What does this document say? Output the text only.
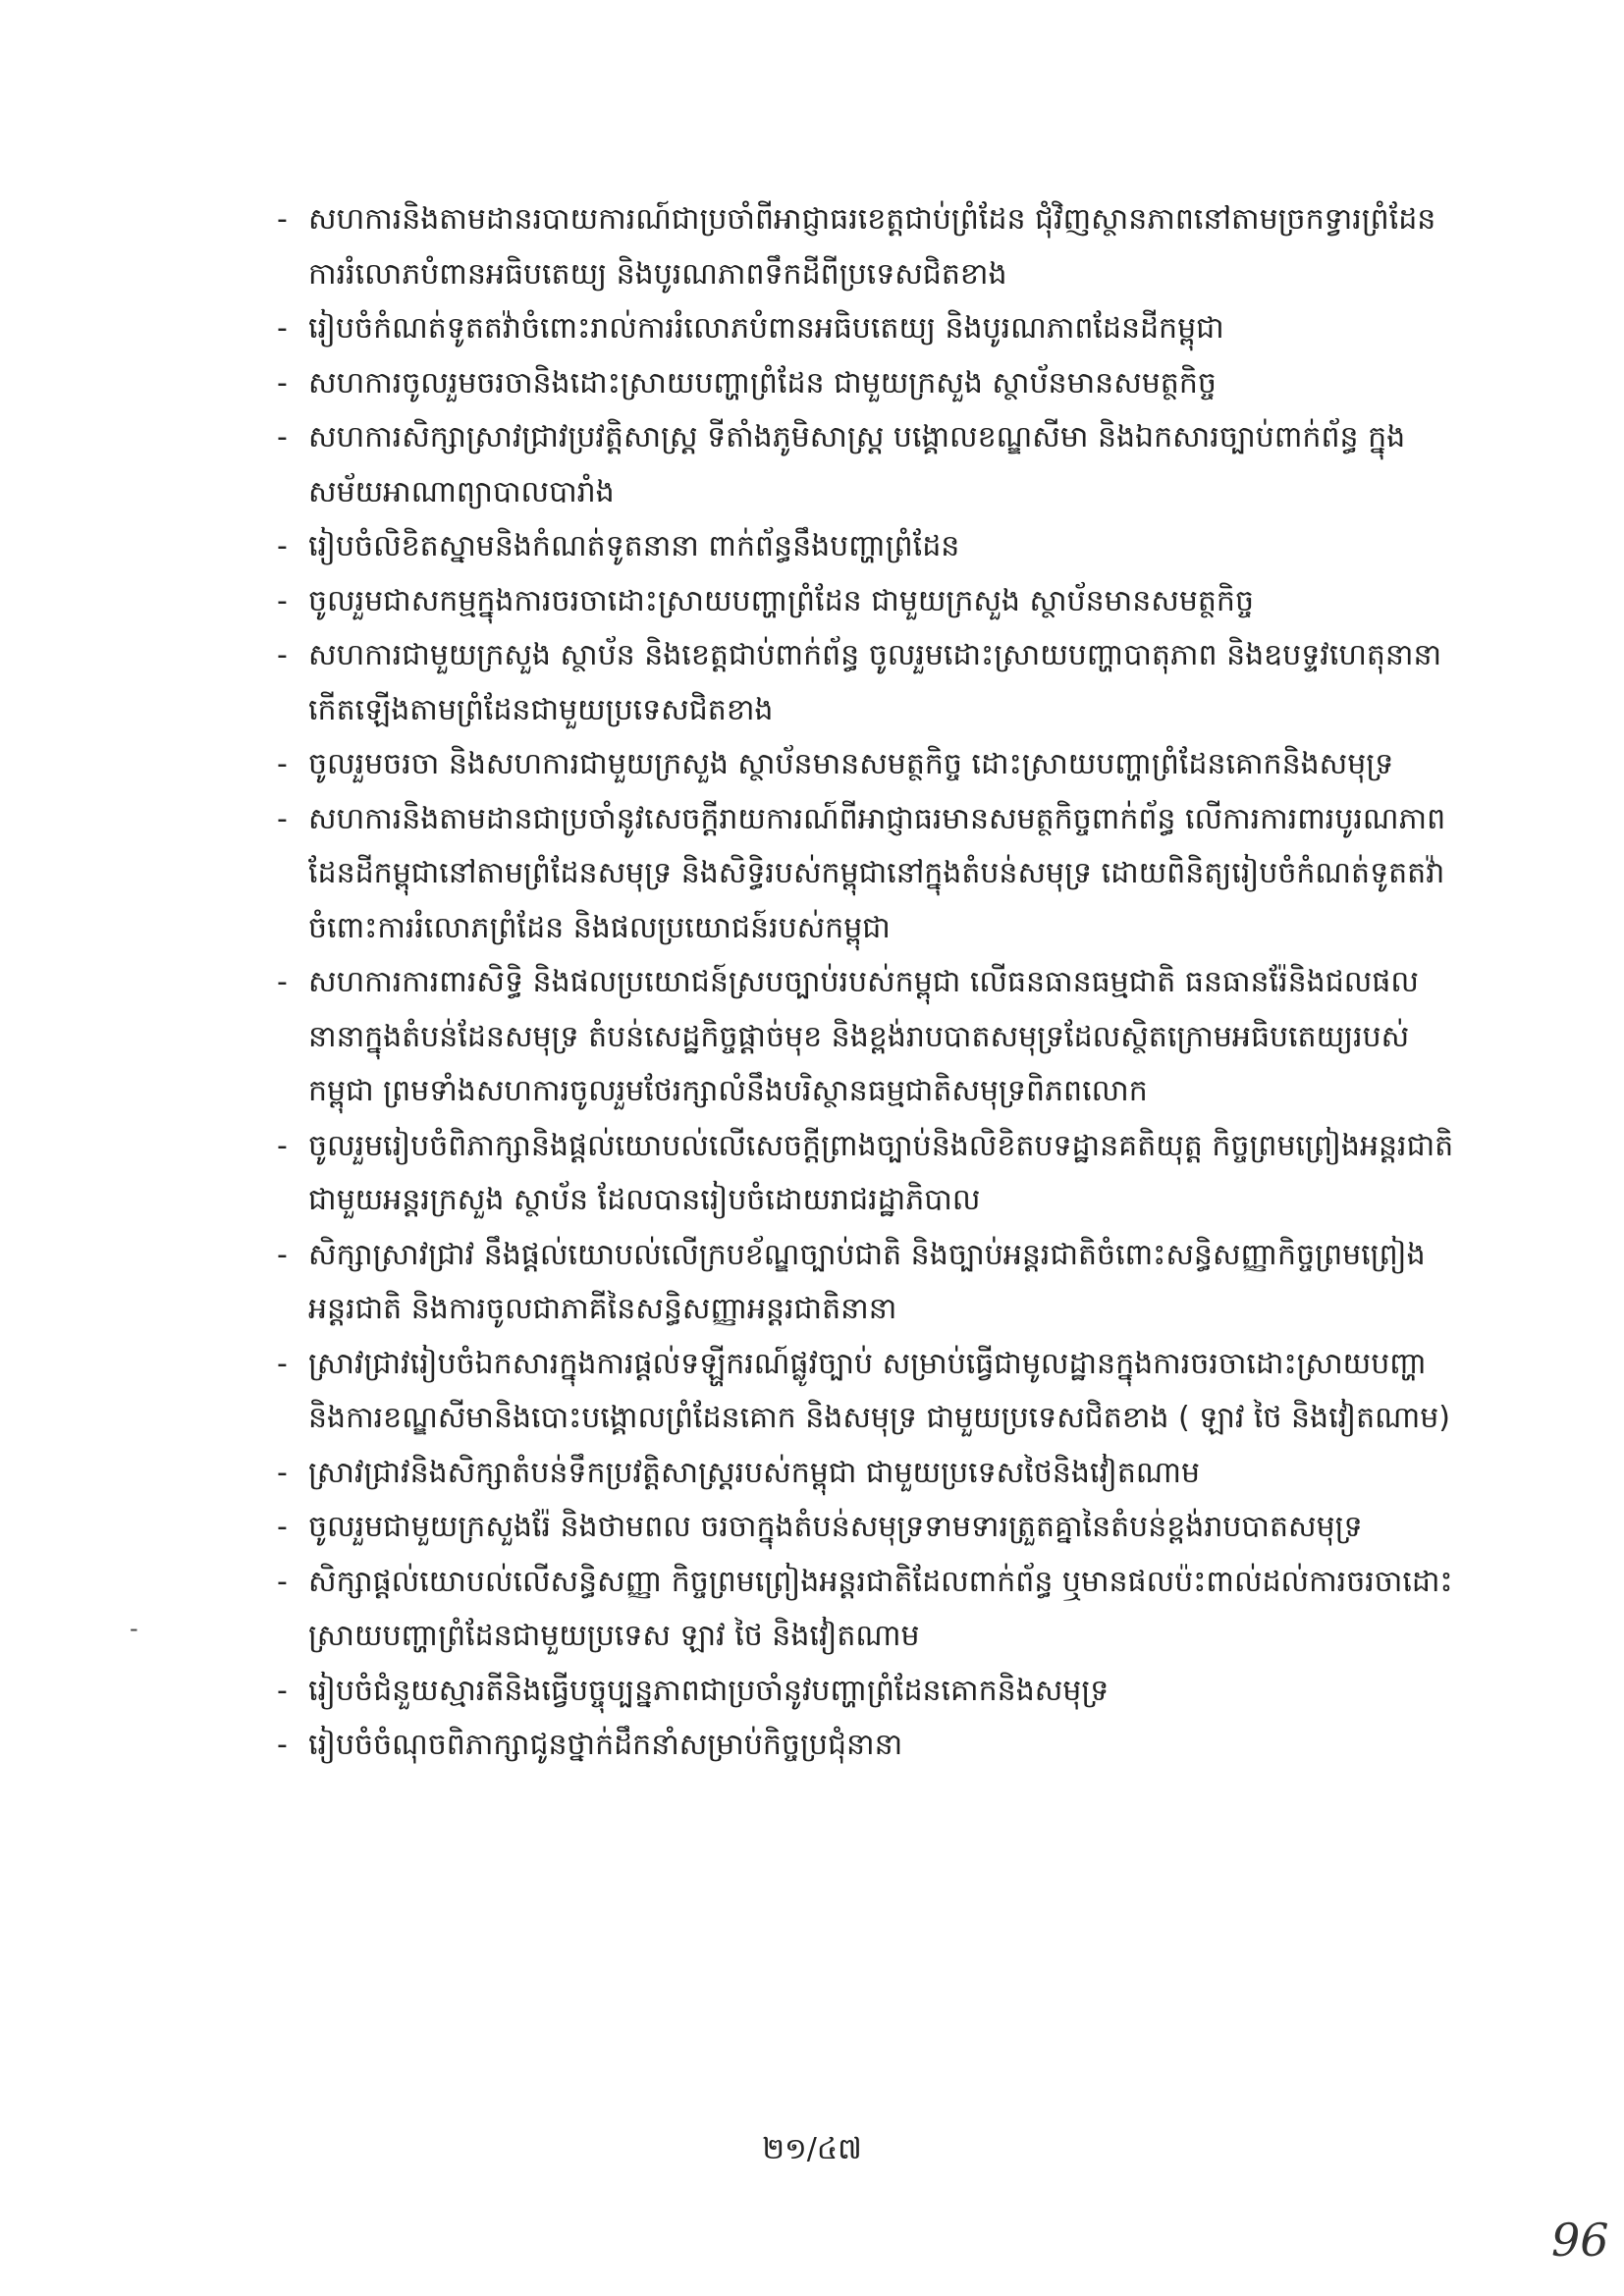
- សហការនិងតាមដានរបាយការណ៍ជាប្រចាំពីអាជ្ញាធរខេត្តជាប់ព្រំដែន ជុំវិញស្ថានភាពនៅតាមច្រកទ្វារព្រំដែន ការរំលោភបំពានអធិបតេយ្យ និងបូរណភាពទឹកដីពីប្រទេសជិតខាង
- រៀបចំកំណត់ទូតតវ៉ាចំពោះរាល់ការរំលោភបំពានអធិបតេយ្យ និងបូរណភាពដែនដីកម្ពុជា
- សហការចូលរួមចរចានិងដោះស្រាយបញ្ហាព្រំដែន ជាមួយក្រសួង ស្ថាប័នមានសមត្ថកិច្ច
- សហការសិក្សាស្រាវជ្រាវប្រវត្តិសាស្ត្រ ទីតាំងភូមិសាស្ត្រ បង្គោលខណ្ឌសីមា និងឯកសារច្បាប់ពាក់ព័ន្ធ ក្នុងសម័យអាណាព្យាបាលបារាំង
- រៀបចំលិខិតស្នាមនិងកំណត់ទូតនានា ពាក់ព័ន្ធនឹងបញ្ហាព្រំដែន
- ចូលរួមជាសកម្មក្នុងការចរចាដោះស្រាយបញ្ហាព្រំដែន ជាមួយក្រសួង ស្ថាប័នមានសមត្ថកិច្ច
- សហការជាមួយក្រសួង ស្ថាប័ន និងខេត្តជាប់ពាក់ព័ន្ធ ចូលរួមដោះស្រាយបញ្ហាបាតុភាព និងឧបទ្ទវហេតុនានាកើតឡើងតាមព្រំដែនជាមួយប្រទេសជិតខាង
- ចូលរួមចរចា និងសហការជាមួយក្រសួង ស្ថាប័នមានសមត្ថកិច្ច ដោះស្រាយបញ្ហាព្រំដែនគោកនិងសមុទ្រ
- សហការនិងតាមដានជាប្រចាំនូវសេចក្តីរាយការណ៍ពីអាជ្ញាធរមានសមត្ថកិច្ចពាក់ព័ន្ធ លើការការពារបូរណភាពដែនដីកម្ពុជានៅតាមព្រំដែនសមុទ្រ និងសិទ្ធិរបស់កម្ពុជានៅក្នុងតំបន់សមុទ្រ ដោយពិនិត្យរៀបចំកំណត់ទូតតវ៉ាចំពោះការរំលោភព្រំដែន និងផលប្រយោជន៍របស់កម្ពុជា
- សហការការពារសិទ្ធិ និងផលប្រយោជន៍ស្របច្បាប់របស់កម្ពុជា លើធនធានធម្មជាតិ ធនធានរ៉ែនិងជលផលនានាក្នុងតំបន់ដែនសមុទ្រ តំបន់សេដ្ឋកិច្ចផ្តាច់មុខ និងខ្ពង់រាបបាតសមុទ្រដែលស្ថិតក្រោមអធិបតេយ្យរបស់កម្ពុជា ព្រមទាំងសហការចូលរួមថែរក្សាលំនឹងបរិស្ថានធម្មជាតិសមុទ្រពិភពលោក
- ចូលរួមរៀបចំពិភាក្សានិងផ្តល់យោបល់លើសេចក្តីព្រាងច្បាប់និងលិខិតបទដ្ឋានគតិយុត្ត កិច្ចព្រមព្រៀងអន្តរជាតិ ជាមួយអន្តរក្រសួង ស្ថាប័ន ដែលបានរៀបចំដោយរាជរដ្ឋាភិបាល
- សិក្សាស្រាវជ្រាវ នឹងផ្តល់យោបល់លើក្របខ័ណ្ឌច្បាប់ជាតិ និងច្បាប់អន្តរជាតិចំពោះសន្ធិសញ្ញាកិច្ចព្រមព្រៀងអន្តរជាតិ និងការចូលជាភាគីនៃសន្ធិសញ្ញាអន្តរជាតិនានា
- ស្រាវជ្រាវរៀបចំឯកសារក្នុងការផ្តល់ទឡ្ហីករណ៍ផ្លូវច្បាប់ សម្រាប់ធ្វើជាមូលដ្ឋានក្នុងការចរចាដោះស្រាយបញ្ហា និងការខណ្ឌសីមានិងបោះបង្គោលព្រំដែនគោក និងសមុទ្រ ជាមួយប្រទេសជិតខាង ( ឡាវ ថៃ និងវៀតណាម)
- ស្រាវជ្រាវនិងសិក្សាតំបន់ទឹកប្រវត្តិសាស្ត្ររបស់កម្ពុជា ជាមួយប្រទេសថៃនិងវៀតណាម
- ចូលរួមជាមួយក្រសួងរ៉ែ និងថាមពល ចរចាក្នុងតំបន់សមុទ្រទាមទារត្រួតគ្នានៃតំបន់ខ្ពង់រាបបាតសមុទ្រ
- សិក្សាផ្តល់យោបល់លើសន្ធិសញ្ញា កិច្ចព្រមព្រៀងអន្តរជាតិដែលពាក់ព័ន្ធ ឬមានផលប៉ះពាល់ដល់ការចរចាដោះស្រាយបញ្ហាព្រំដែនជាមួយប្រទេស ឡាវ ថៃ និងវៀតណាម
- រៀបចំជំនួយស្មារតីនិងធ្វើបច្ចុប្បន្នភាពជាប្រចាំនូវបញ្ហាព្រំដែនគោកនិងសមុទ្រ
- រៀបចំចំណុចពិភាក្សាជូនថ្នាក់ដឹកនាំសម្រាប់កិច្ចប្រជុំនានា
-
២១/៤៧
96
